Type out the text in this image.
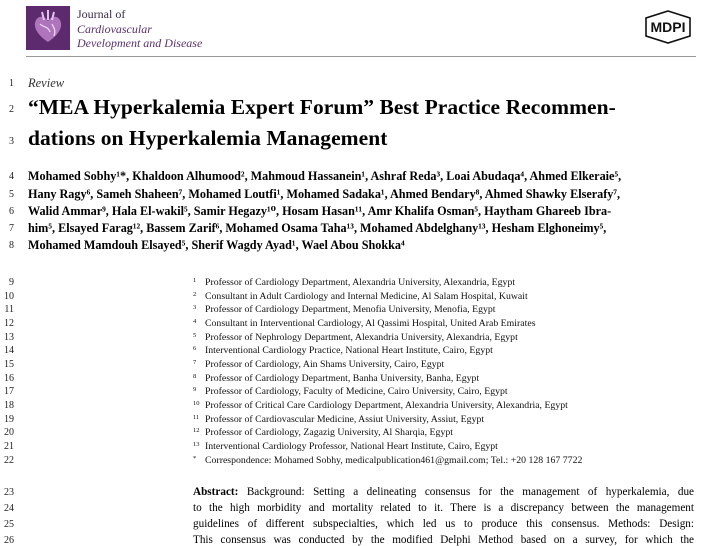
Journal of
Cardiovascular
Development and Disease
MDPI
1
2
3
4
5
6
7
8
9
10
11
12
13
14
15
16
17
18
19
20
21
22
23
24
25
26
Review
“MEA Hyperkalemia Expert Forum” Best Practice Recommen-
dations on Hyperkalemia Management
Mohamed Sobhy¹*, Khaldoon Alhumood², Mahmoud Hassanein¹, Ashraf Reda³, Loai Abudaqa⁴, Ahmed Elkeraie⁵,
Hany Ragy⁶, Sameh Shaheen⁷, Mohamed Loutfi¹, Mohamed Sadaka¹, Ahmed Bendary⁸, Ahmed Shawky Elserafy⁷,
Walid Ammar⁹, Hala El-wakil⁵, Samir Hegazy¹⁰, Hosam Hasan¹¹, Amr Khalifa Osman⁵, Haytham Ghareeb Ibra-
him⁵, Elsayed Farag¹², Bassem Zarif⁶, Mohamed Osama Taha¹³, Mohamed Abdelghany¹³, Hesham Elghoneimy⁵,
Mohamed Mamdouh Elsayed⁵, Sherif Wagdy Ayad¹, Wael Abou Shokka⁴
1 Professor of Cardiology Department, Alexandria University, Alexandria, Egypt
2 Consultant in Adult Cardiology and Internal Medicine, Al Salam Hospital, Kuwait
3 Professor of Cardiology Department, Menofia University, Menofia, Egypt
4 Consultant in Interventional Cardiology, Al Qassimi Hospital, United Arab Emirates
5 Professor of Nephrology Department, Alexandria University, Alexandria, Egypt
6 Interventional Cardiology Practice, National Heart Institute, Cairo, Egypt
7 Professor of Cardiology, Ain Shams University, Cairo, Egypt
8 Professor of Cardiology Department, Banha University, Banha, Egypt
9 Professor of Cardiology, Faculty of Medicine, Cairo University, Cairo, Egypt
10 Professor of Critical Care Cardiology Department, Alexandria University, Alexandria, Egypt
11 Professor of Cardiovascular Medicine, Assiut University, Assiut, Egypt
12 Professor of Cardiology, Zagazig University, Al Sharqia, Egypt
13 Interventional Cardiology Professor, National Heart Institute, Cairo, Egypt
* Correspondence: Mohamed Sobhy, medicalpublication461@gmail.com; Tel.: +20 128 167 7722
Abstract: Background: Setting a delineating consensus for the management of hyperkalemia, due
to the high morbidity and mortality related to it. There is a discrepancy between the management
guidelines of different subspecialties, which led us to produce this consensus. Methods: Design:
This consensus was conducted by the modified Delphi Method based on a survey, for which the
